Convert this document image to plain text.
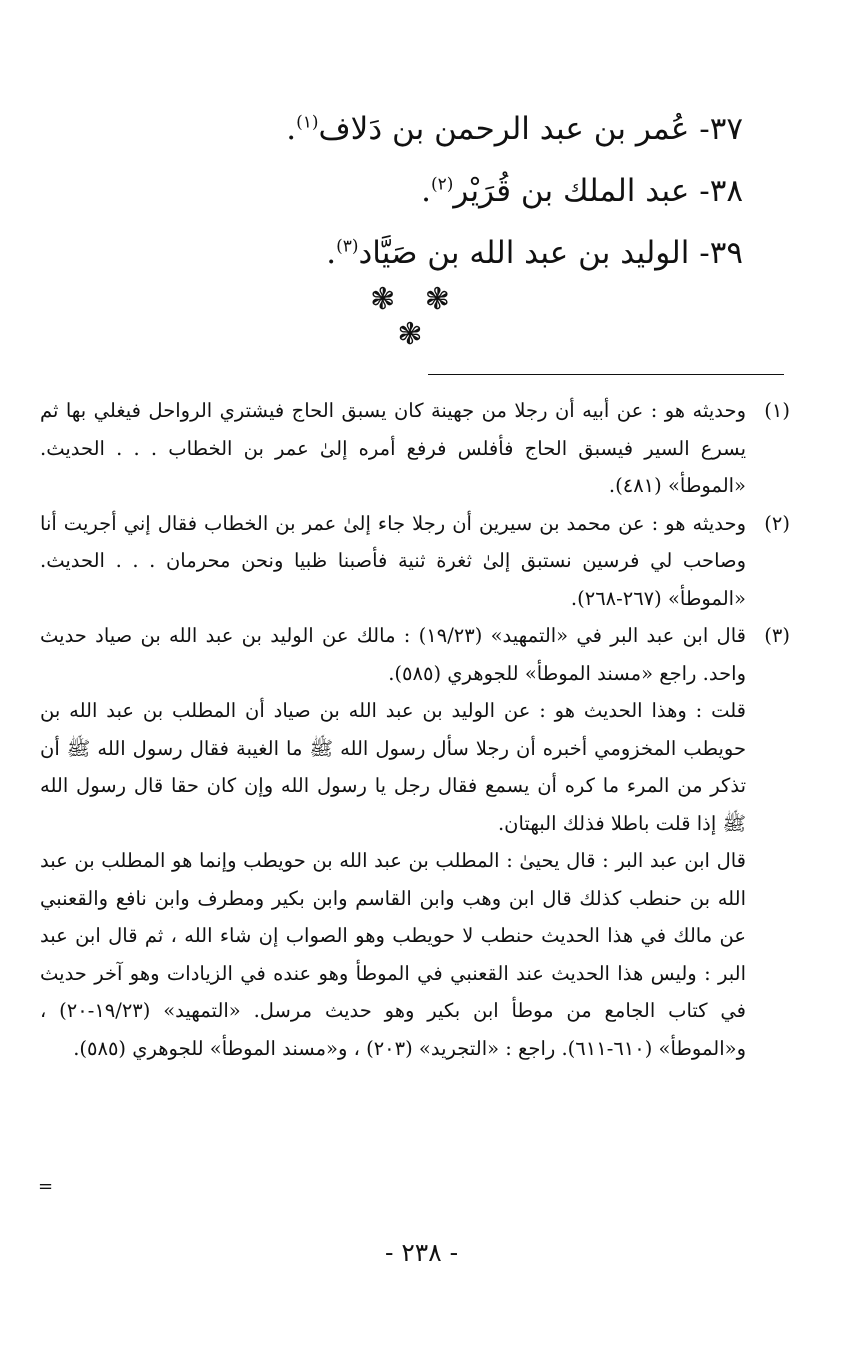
٣٧- عُمر بن عبد الرحمن بن دَلاف$^{(١)}$.
٣٨- عبد الملك بن قُرَيْر$^{(٢)}$.
٣٩- الوليد بن عبد الله بن صَيَّاد$^{(٣)}$.
❃ ❃ ❃
(١)

وحديثه هو : عن أبيه أن رجلا من جهينة كان يسبق الحاج فيشتري الرواحل فيغلي بها ثم يسرع السير فيسبق الحاج فأفلس فرفع أمره إلىٰ عمر بن الخطاب . . . الحديث. «الموطأ» (٤٨١).

(٢)

وحديثه هو : عن محمد بن سيرين أن رجلا جاء إلىٰ عمر بن الخطاب فقال إني أجريت أنا وصاحب لي فرسين نستبق إلىٰ ثغرة ثنية فأصبنا ظبيا ونحن محرمان . . . الحديث. «الموطأ» (٢٦٧-٢٦٨).

(٣)

قال ابن عبد البر في «التمهيد» (١٩/٢٣) : مالك عن الوليد بن عبد الله بن صياد حديث واحد. راجع «مسند الموطأ» للجوهري (٥٨٥).

قلت : وهذا الحديث هو : عن الوليد بن عبد الله بن صياد أن المطلب بن عبد الله بن حويطب المخزومي أخبره أن رجلا سأل رسول الله ﷺ ما الغيبة فقال رسول الله ﷺ أن تذكر من المرء ما كره أن يسمع فقال رجل يا رسول الله وإن كان حقا قال رسول الله ﷺ إذا قلت باطلا فذلك البهتان.

قال ابن عبد البر : قال يحيىٰ : المطلب بن عبد الله بن حويطب وإنما هو المطلب بن عبد الله بن حنطب كذلك قال ابن وهب وابن القاسم وابن بكير ومطرف وابن نافع والقعنبي عن مالك في هذا الحديث حنطب لا حويطب وهو الصواب إن شاء الله ، ثم قال ابن عبد البر : وليس هذا الحديث عند القعنبي في الموطأ وهو عنده في الزيادات وهو آخر حديث في كتاب الجامع من موطأ ابن بكير وهو حديث مرسل. «التمهيد» (١٩/٢٣-٢٠) ، و«الموطأ» (٦١٠-٦١١). راجع : «التجريد» (٢٠٣) ، و«مسند الموطأ» للجوهري (٥٨٥).

=
- ٢٣٨ -
